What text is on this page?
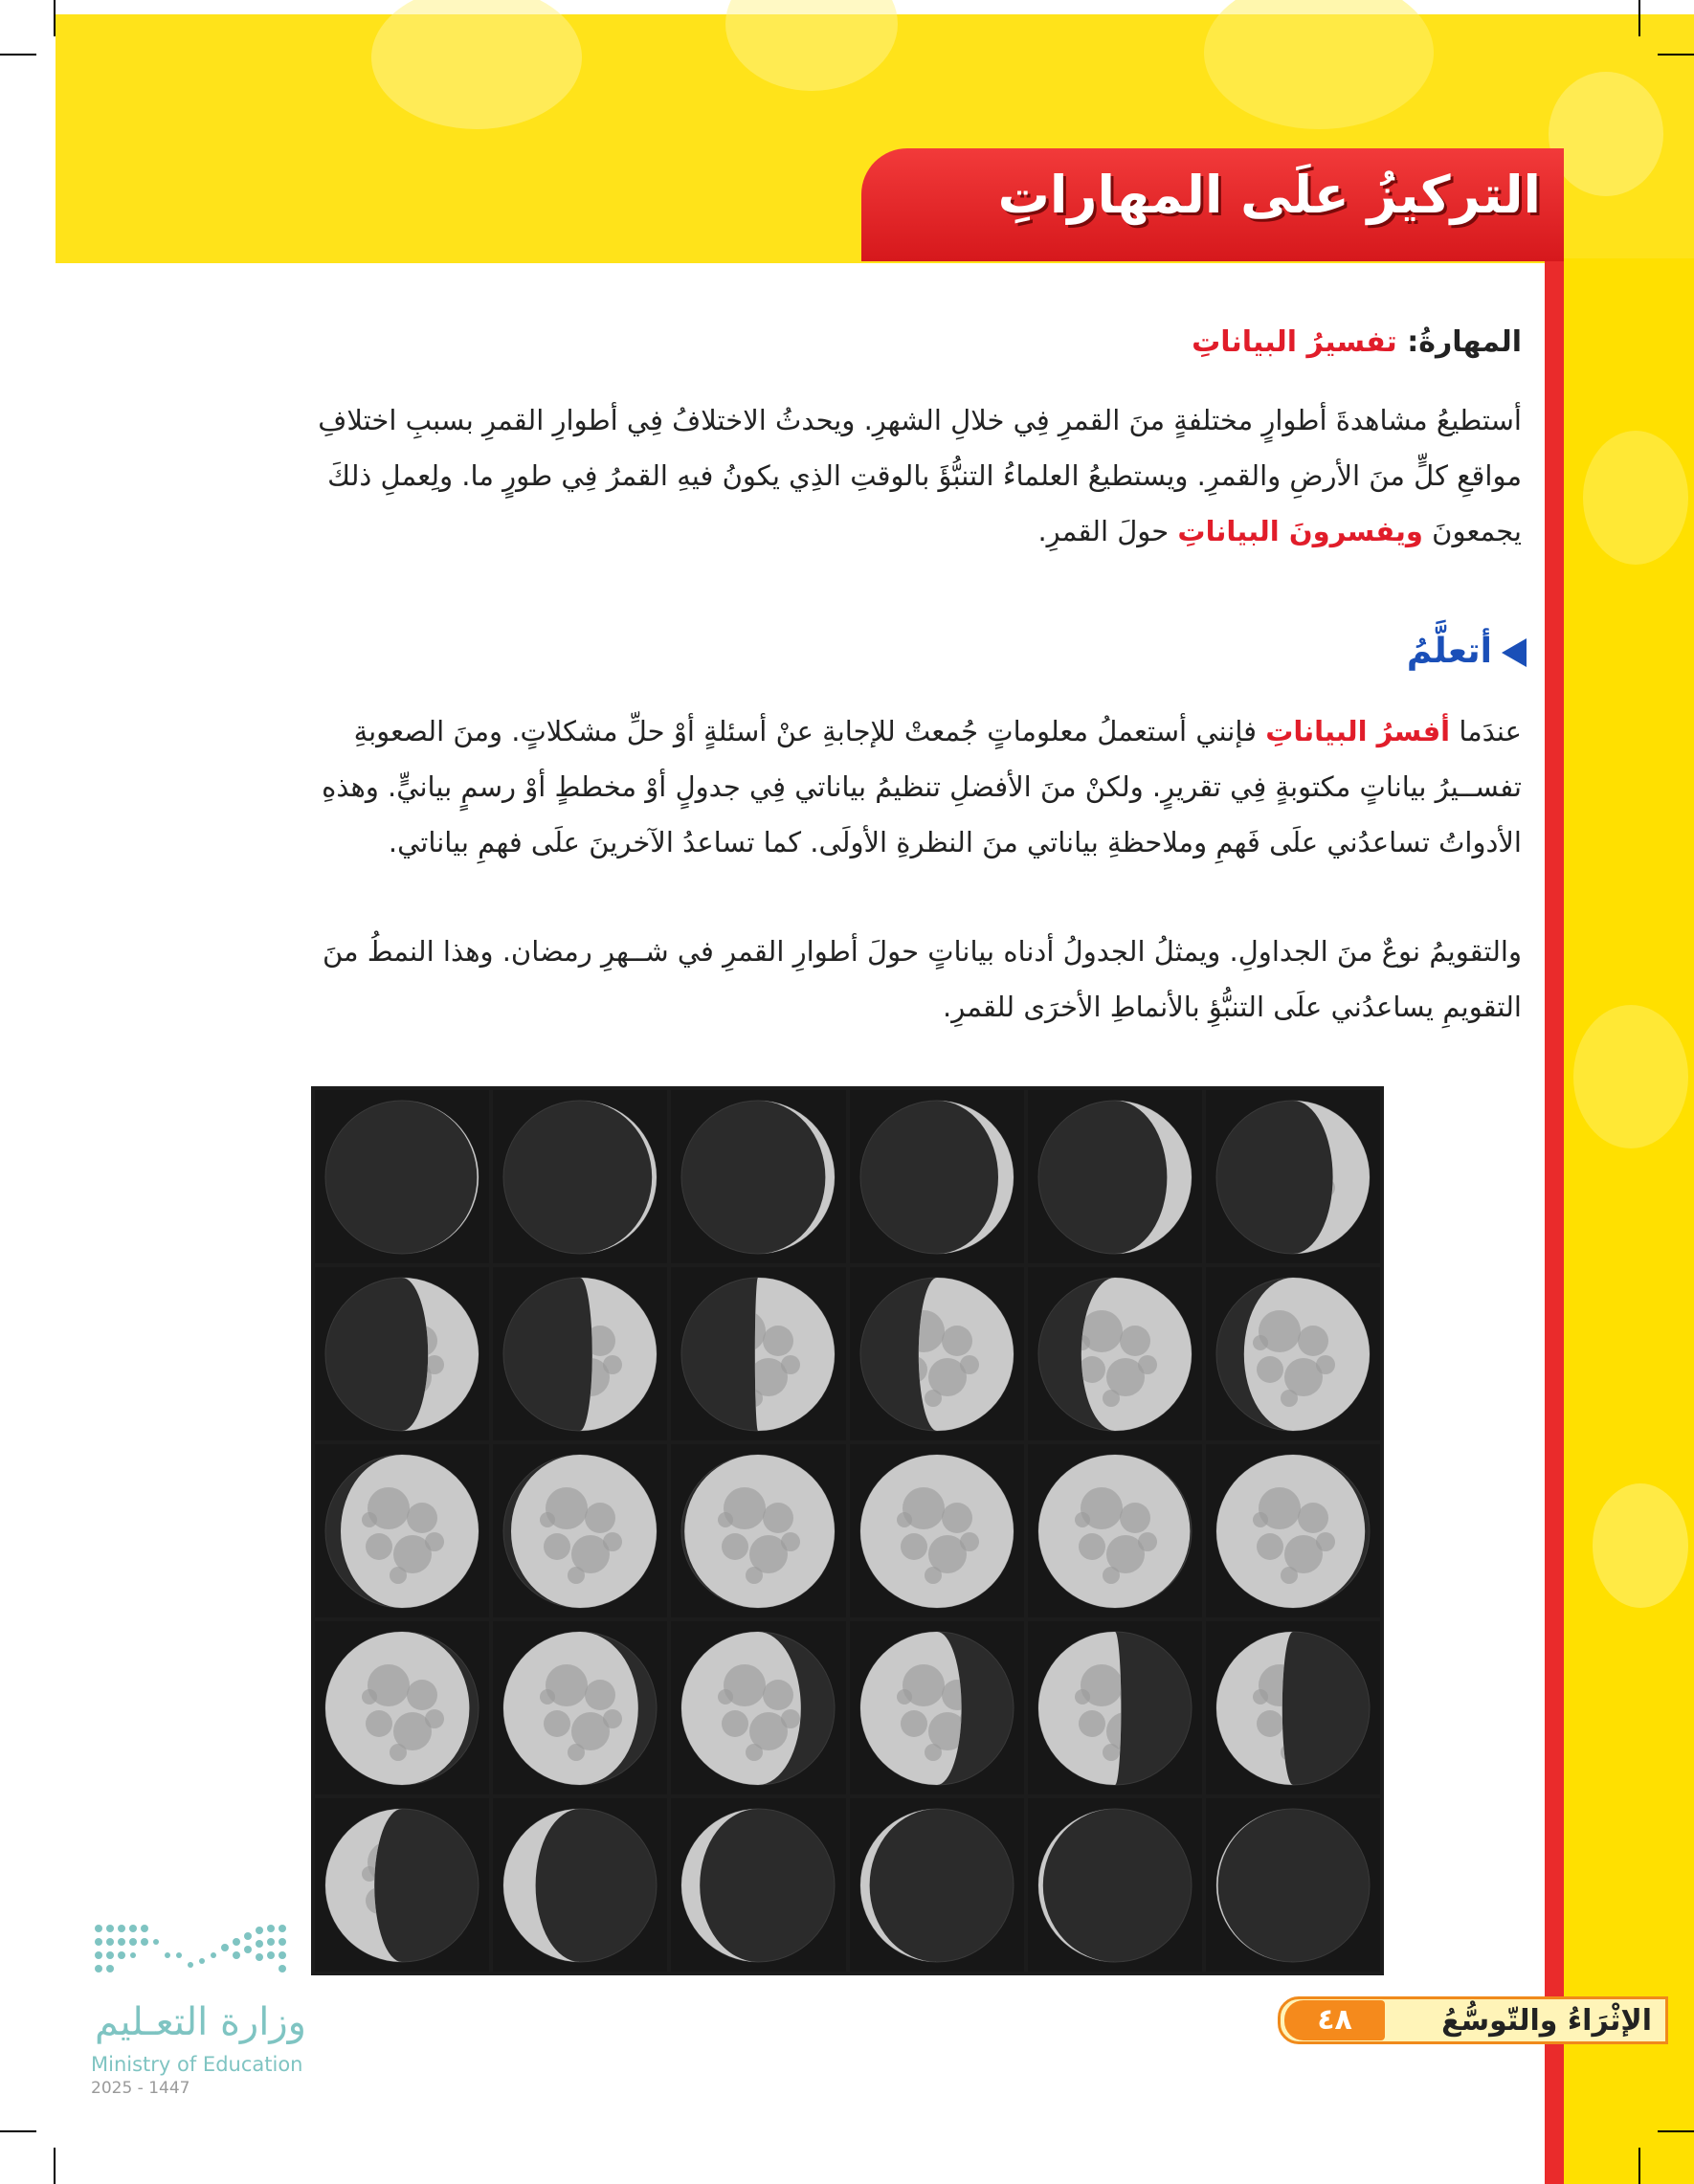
التركيزُ علَى المهاراتِ
المهارةُ: تفسيرُ البياناتِ
أستطيعُ مشاهدةَ أطوارٍ مختلفةٍ منَ القمرِ فِي خلالِ الشهرِ. ويحدثُ الاختلافُ فِي أطوارِ القمرِ بسببِ اختلافِ
مواقعِ كلٍّ منَ الأرضِ والقمرِ. ويستطيعُ العلماءُ التنبُّؤَ بالوقتِ الذِي يكونُ فيهِ القمرُ فِي طورٍ ما. ولِعملِ ذلكَ
يجمعونَ ويفسرونَ البياناتِ حولَ القمرِ.
أتعلَّمُ
عندَما أفسرُ البياناتِ فإنني أستعملُ معلوماتٍ جُمعتْ للإجابةِ عنْ أسئلةٍ أوْ حلِّ مشكلاتٍ. ومنَ الصعوبةِ
تفســيرُ بياناتٍ مكتوبةٍ فِي تقريرٍ. ولكنْ منَ الأفضلِ تنظيمُ بياناتي فِي جدولٍ أوْ مخططٍ أوْ رسمٍ بيانيٍّ. وهذهِ
الأدواتُ تساعدُني علَى فَهمِ وملاحظةِ بياناتي منَ النظرةِ الأولَى. كما تساعدُ الآخرينَ علَى فهمِ بياناتي.
والتقويمُ نوعٌ منَ الجداولِ. ويمثلُ الجدولُ أدناه بياناتٍ حولَ أطوارِ القمرِ في شــهرِ رمضان. وهذا النمطُ منَ
التقويمِ يساعدُني علَى التنبُّؤِ بالأنماطِ الأخرَى للقمرِ.
الإثْرَاءُ والتّوسُّعُ
٤٨
وزارة التعـليم
Ministry of Education
2025 - 1447
